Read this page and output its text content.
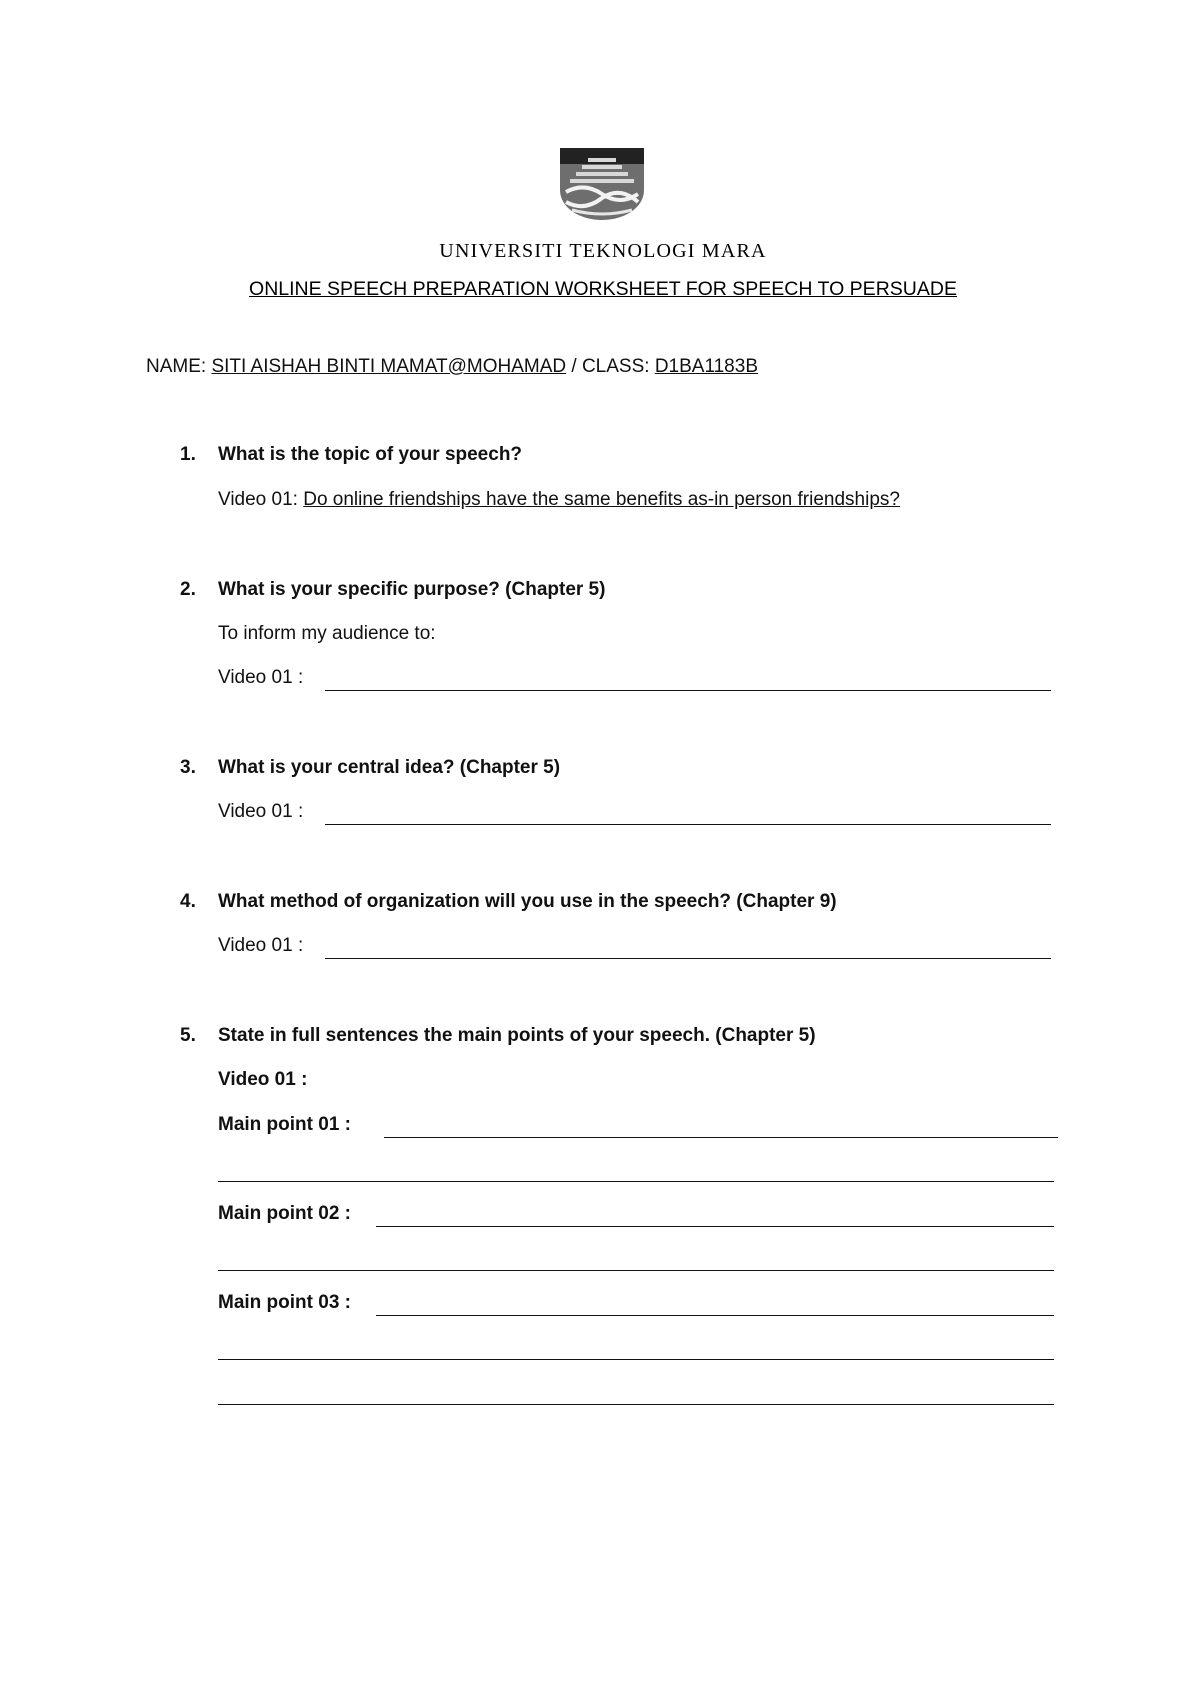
UNIVERSITI TEKNOLOGI MARA
ONLINE SPEECH PREPARATION WORKSHEET FOR SPEECH TO PERSUADE
NAME: SITI AISHAH BINTI MAMAT@MOHAMAD / CLASS: D1BA1183B
1. What is the topic of your speech?
Video 01: Do online friendships have the same benefits as-in person friendships?
2. What is your specific purpose? (Chapter 5)
To inform my audience to:
Video 01 :
3. What is your central idea? (Chapter 5)
Video 01 :
4. What method of organization will you use in the speech? (Chapter 9)
Video 01 :
5. State in full sentences the main points of your speech. (Chapter 5)
Video 01 :
Main point 01 :
Main point 02 :
Main point 03 :
